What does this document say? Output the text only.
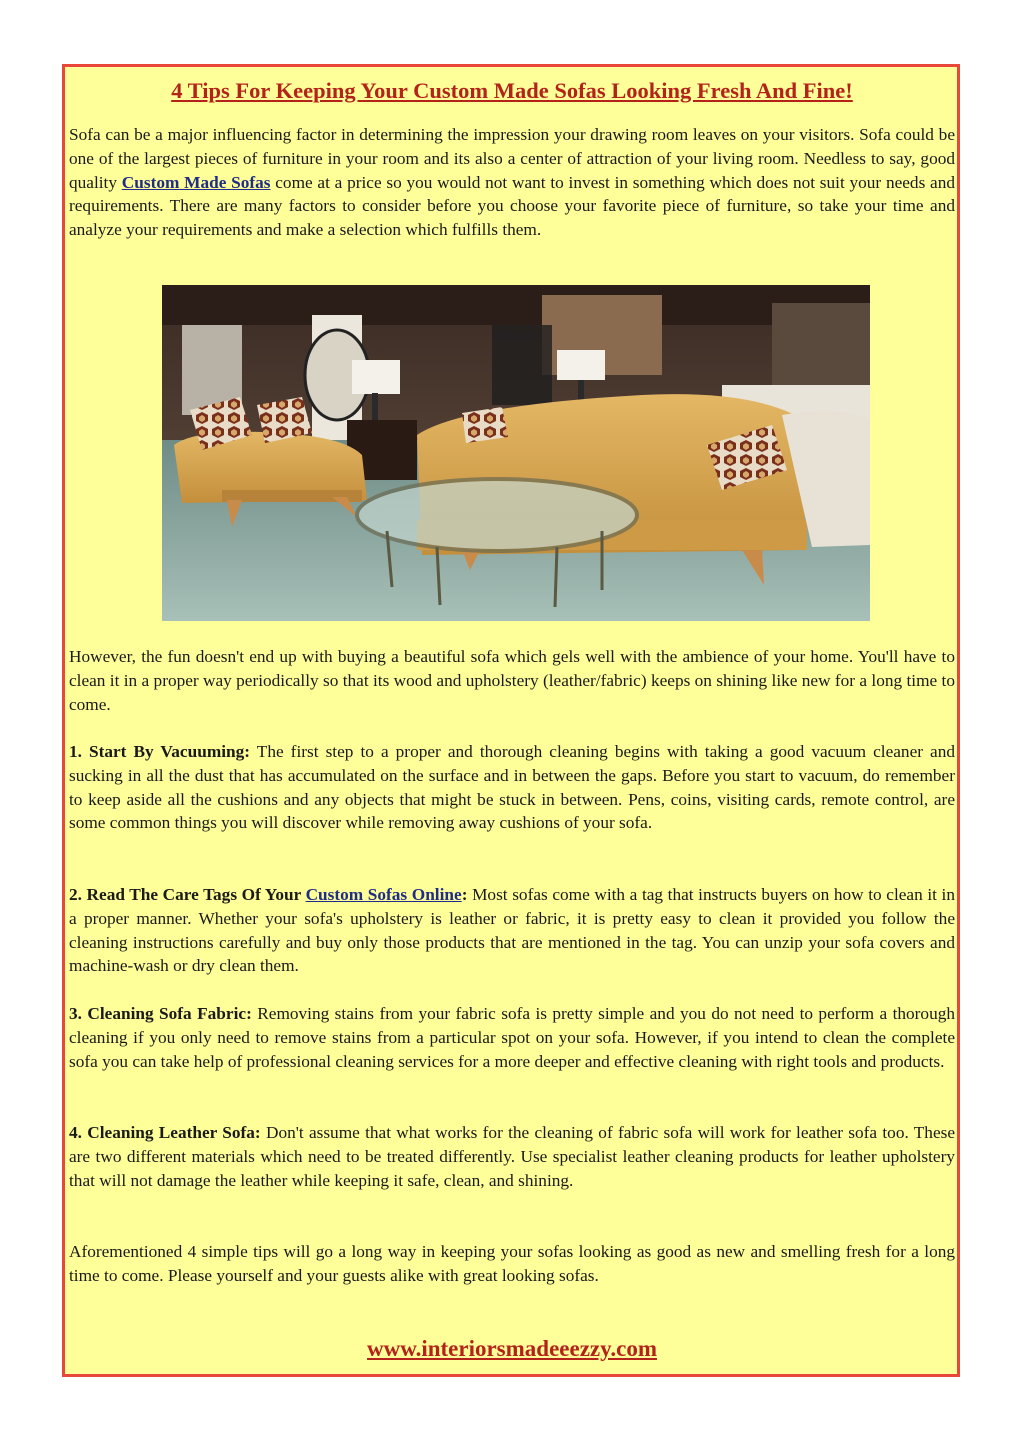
4 Tips For Keeping Your Custom Made Sofas Looking Fresh And Fine!

Sofa can be a major influencing factor in determining the impression your drawing room leaves on your visitors. Sofa could be one of the largest pieces of furniture in your room and its also a center of attraction of your living room. Needless to say, good quality Custom Made Sofas come at a price so you would not want to invest in something which does not suit your needs and requirements. There are many factors to consider before you choose your favorite piece of furniture, so take your time and analyze your requirements and make a selection which fulfills them.

However, the fun doesn't end up with buying a beautiful sofa which gels well with the ambience of your home. You'll have to clean it in a proper way periodically so that its wood and upholstery (leather/fabric) keeps on shining like new for a long time to come.

1. Start By Vacuuming: The first step to a proper and thorough cleaning begins with taking a good vacuum cleaner and sucking in all the dust that has accumulated on the surface and in between the gaps. Before you start to vacuum, do remember to keep aside all the cushions and any objects that might be stuck in between. Pens, coins, visiting cards, remote control, are some common things you will discover while removing away cushions of your sofa.

2. Read The Care Tags Of Your Custom Sofas Online: Most sofas come with a tag that instructs buyers on how to clean it in a proper manner. Whether your sofa's upholstery is leather or fabric, it is pretty easy to clean it provided you follow the cleaning instructions carefully and buy only those products that are mentioned in the tag. You can unzip your sofa covers and machine-wash or dry clean them.

3. Cleaning Sofa Fabric: Removing stains from your fabric sofa is pretty simple and you do not need to perform a thorough cleaning if you only need to remove stains from a particular spot on your sofa. However, if you intend to clean the complete sofa you can take help of professional cleaning services for a more deeper and effective cleaning with right tools and products.

4. Cleaning Leather Sofa: Don't assume that what works for the cleaning of fabric sofa will work for leather sofa too. These are two different materials which need to be treated differently. Use specialist leather cleaning products for leather upholstery that will not damage the leather while keeping it safe, clean, and shining.

Aforementioned 4 simple tips will go a long way in keeping your sofas looking as good as new and smelling fresh for a long time to come. Please yourself and your guests alike with great looking sofas.

www.interiorsmadeeezzy.com
